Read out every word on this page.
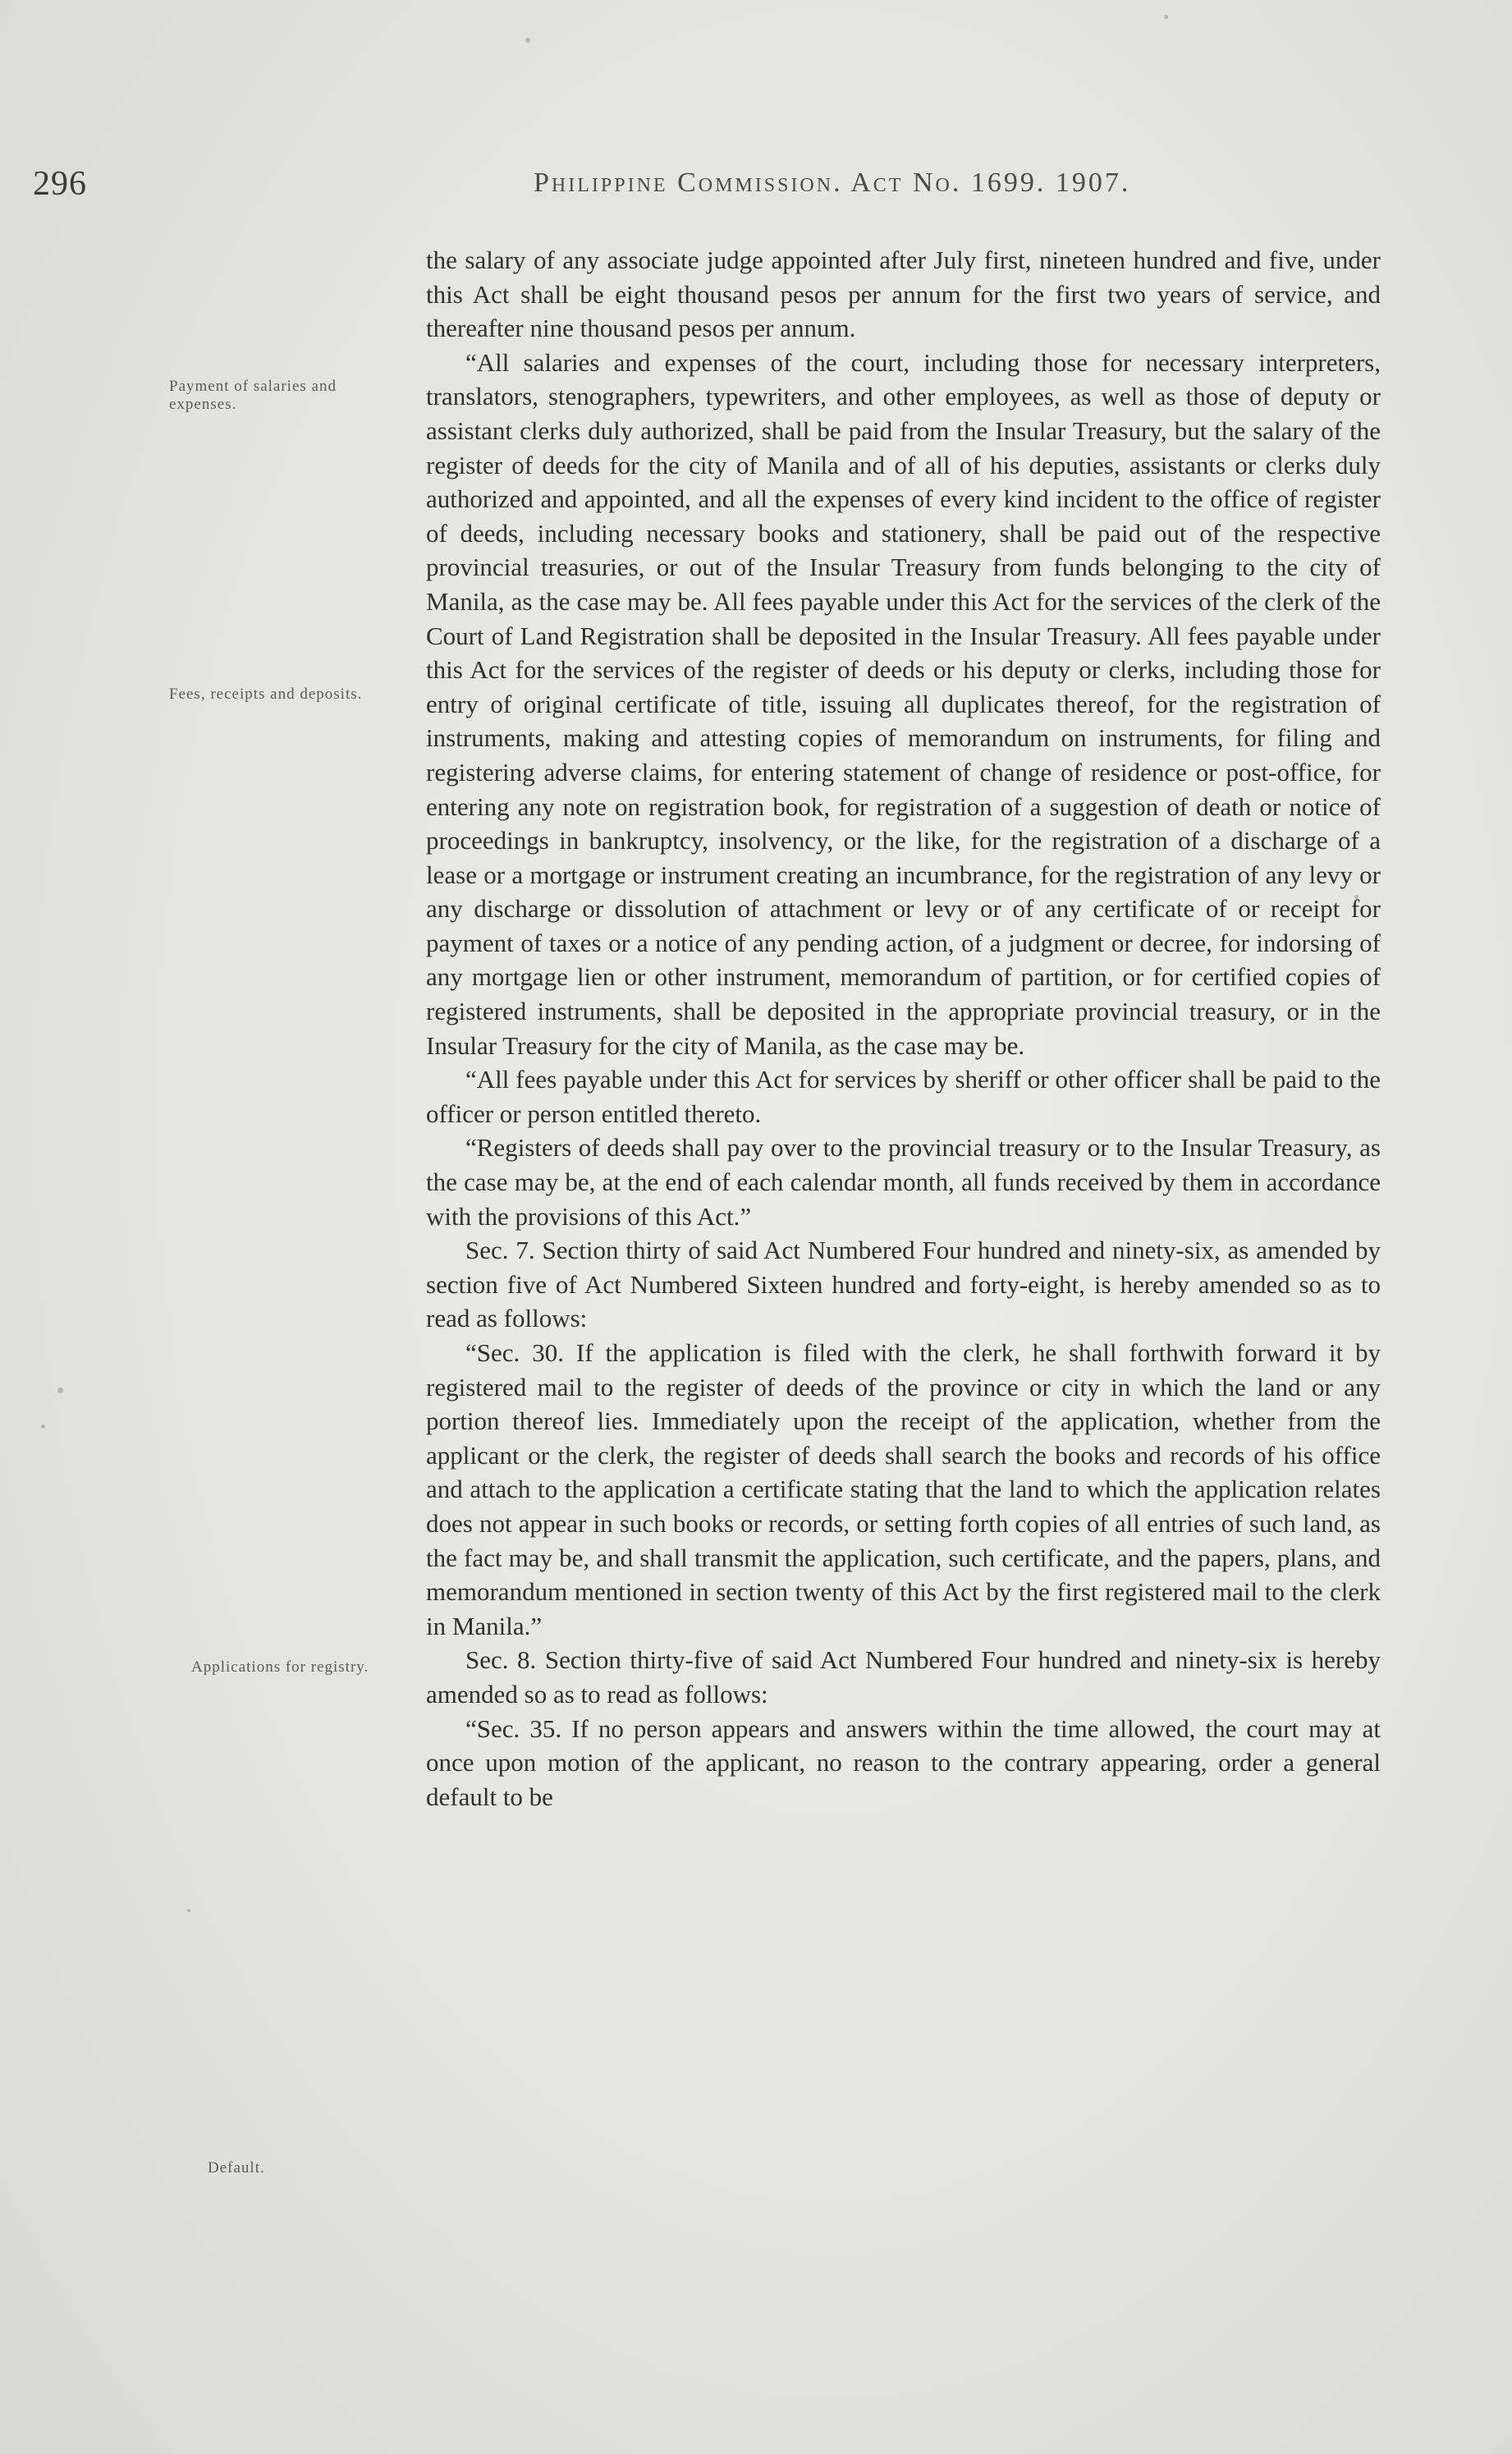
296	Philippine Commission. Act No. 1699. 1907.
Payment of salaries and expenses.
Fees, receipts and deposits.
Applications for registry.
Default.

the salary of any associate judge appointed after July first, nineteen hundred and five, under this Act shall be eight thousand pesos per annum for the first two years of service, and thereafter nine thousand pesos per annum.

“All salaries and expenses of the court, including those for necessary interpreters, translators, stenographers, typewriters, and other employees, as well as those of deputy or assistant clerks duly authorized, shall be paid from the Insular Treasury, but the salary of the register of deeds for the city of Manila and of all of his deputies, assistants or clerks duly authorized and appointed, and all the expenses of every kind incident to the office of register of deeds, including necessary books and stationery, shall be paid out of the respective provincial treasuries, or out of the Insular Treasury from funds belonging to the city of Manila, as the case may be. All fees payable under this Act for the services of the clerk of the Court of Land Registration shall be deposited in the Insular Treasury. All fees payable under this Act for the services of the register of deeds or his deputy or clerks, including those for entry of original certificate of title, issuing all duplicates thereof, for the registration of instruments, making and attesting copies of memorandum on instruments, for filing and registering adverse claims, for entering statement of change of residence or post-office, for entering any note on registration book, for registration of a suggestion of death or notice of proceedings in bankruptcy, insolvency, or the like, for the registration of a discharge of a lease or a mortgage or instrument creating an incumbrance, for the registration of any levy or any discharge or dissolution of attachment or levy or of any certificate of or receipt for payment of taxes or a notice of any pending action, of a judgment or decree, for indorsing of any mortgage lien or other instrument, memorandum of partition, or for certified copies of registered instruments, shall be deposited in the appropriate provincial treasury, or in the Insular Treasury for the city of Manila, as the case may be.

“All fees payable under this Act for services by sheriff or other officer shall be paid to the officer or person entitled thereto.

“Registers of deeds shall pay over to the provincial treasury or to the Insular Treasury, as the case may be, at the end of each calendar month, all funds received by them in accordance with the provisions of this Act.”

Sec. 7. Section thirty of said Act Numbered Four hundred and ninety-six, as amended by section five of Act Numbered Sixteen hundred and forty-eight, is hereby amended so as to read as follows:

“Sec. 30. If the application is filed with the clerk, he shall forthwith forward it by registered mail to the register of deeds of the province or city in which the land or any portion thereof lies. Immediately upon the receipt of the application, whether from the applicant or the clerk, the register of deeds shall search the books and records of his office and attach to the application a certificate stating that the land to which the application relates does not appear in such books or records, or setting forth copies of all entries of such land, as the fact may be, and shall transmit the application, such certificate, and the papers, plans, and memorandum mentioned in section twenty of this Act by the first registered mail to the clerk in Manila.”

Sec. 8. Section thirty-five of said Act Numbered Four hundred and ninety-six is hereby amended so as to read as follows:

“Sec. 35. If no person appears and answers within the time allowed, the court may at once upon motion of the applicant, no reason to the contrary appearing, order a general default to be
